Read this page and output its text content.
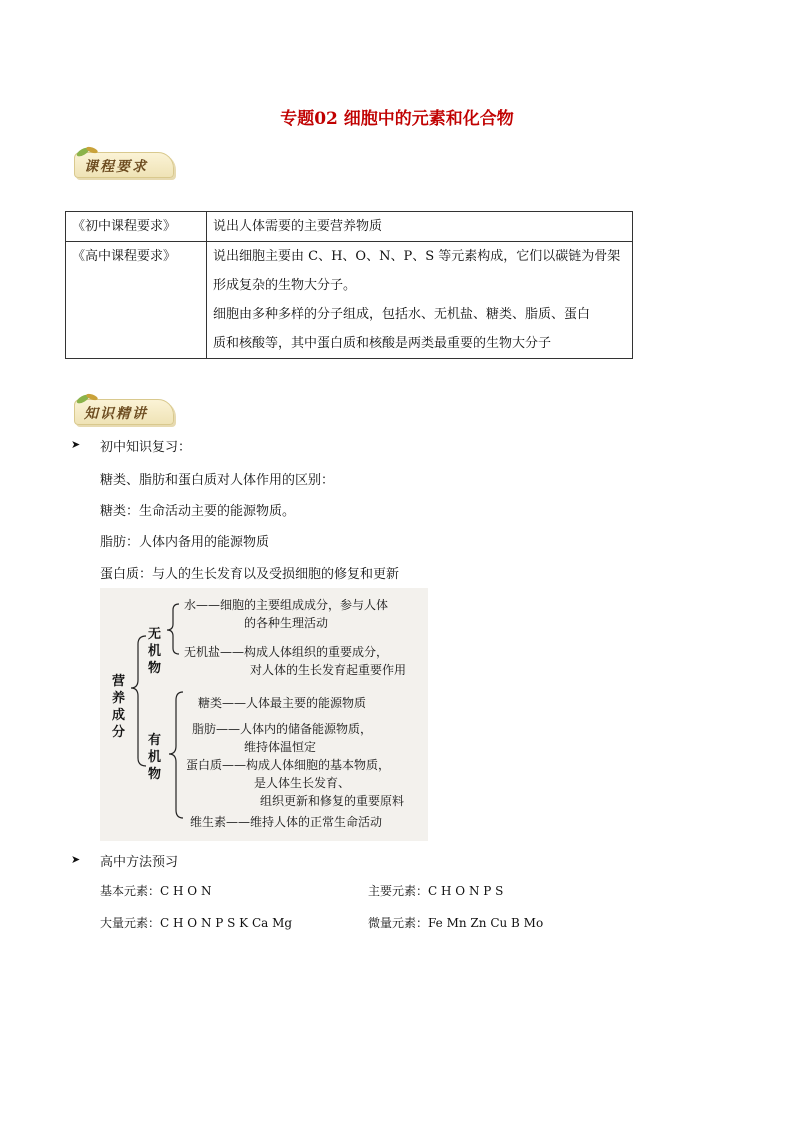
专题02 细胞中的元素和化合物
课程要求
《初中课程要求》	说出人体需要的主要营养物质

《高中课程要求》	说出细胞主要由 C、H、O、N、P、S 等元素构成，它们以碳链为骨架
形成复杂的生物大分子。
细胞由多种多样的分子组成，包括水、无机盐、糖类、脂质、蛋白
质和核酸等，其中蛋白质和核酸是两类最重要的生物大分子
知识精讲
➤ 初中知识复习：
糖类、脂肪和蛋白质对人体作用的区别：
糖类：生命活动主要的能源物质。
脂肪：人体内备用的能源物质
蛋白质：与人的生长发育以及受损细胞的修复和更新
营养成分
无机物
有机物
水——细胞的主要组成成分，参与人体
的各种生理活动
无机盐——构成人体组织的重要成分，
对人体的生长发育起重要作用
糖类——人体最主要的能源物质
脂肪——人体内的储备能源物质，
维持体温恒定
蛋白质——构成人体细胞的基本物质，
是人体生长发育、
组织更新和修复的重要原料
维生素——维持人体的正常生命活动
➤ 高中方法预习
基本元素：C H O N	主要元素：C H O N P S
大量元素：C H O N P S K Ca Mg	微量元素：Fe Mn Zn Cu B Mo
